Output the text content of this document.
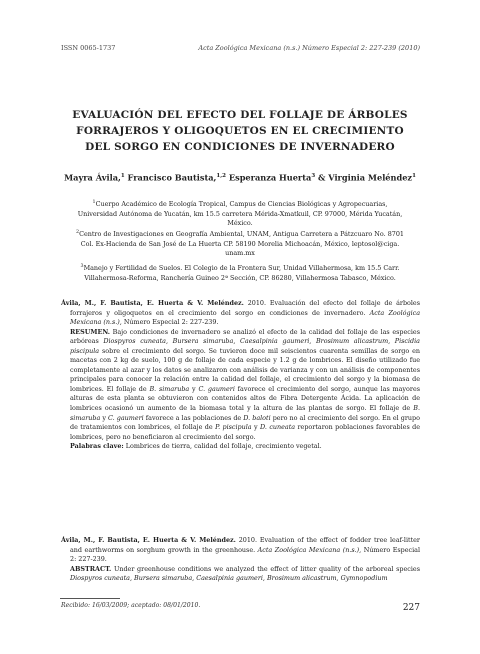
ISSN 0065-1737	Acta Zoológica Mexicana (n.s.) Número Especial 2: 227-239 (2010)
EVALUACIÓN DEL EFECTO DEL FOLLAJE DE ÁRBOLES
FORRAJEROS Y OLIGOQUETOS EN EL CRECIMIENTO
DEL SORGO EN CONDICIONES DE INVERNADERO
Mayra Ávila,$^1$ Francisco Bautista,$^{1,2}$ Esperanza Huerta$^3$ & Virginia Meléndez$^1$
$^1$Cuerpo Académico de Ecología Tropical, Campus de Ciencias Biológicas y Agropecuarias,
Universidad Autónoma de Yucatán, km 15.5 carretera Mérida-Xmatkuil, CP. 97000, Mérida Yucatán,
México.
$^2$Centro de Investigaciones en Geografía Ambiental, UNAM, Antigua Carretera a Pátzcuaro No. 8701
Col. Ex-Hacienda de San José de La Huerta CP. 58190 Morelia Michoacán, México, leptosol@ciga.
unam.mx
$^3$Manejo y Fertilidad de Suelos. El Colegio de la Frontera Sur, Unidad Villahermosa, km 15.5 Carr.
Villahermosa-Reforma, Ranchería Guineo 2ª Sección, CP. 86280, Villahermosa Tabasco, México.

Ávila, M., F. Bautista, E. Huerta & V. Meléndez. 2010. Evaluación del efecto del follaje de árboles forrajeros y oligoquetos en el crecimiento del sorgo en condiciones de invernadero. Acta Zoológica Mexicana (n.s.), Número Especial 2: 227-239.

RESUMEN. Bajo condiciones de invernadero se analizó el efecto de la calidad del follaje de las especies arbóreas Diospyros cuneata, Bursera simaruba, Caesalpinia gaumeri, Brosimum alicastrum, Piscidia piscipula sobre el crecimiento del sorgo. Se tuvieron doce mil seiscientos cuarenta semillas de sorgo en macetas con 2 kg de suelo, 100 g de follaje de cada especie y 1.2 g de lombrices. El diseño utilizado fue completamente al azar y los datos se analizaron con análisis de varianza y con un análisis de componentes principales para conocer la relación entre la calidad del follaje, el crecimiento del sorgo y la biomasa de lombrices. El follaje de B. simaruba y C. gaumeri favorece el crecimiento del sorgo, aunque las mayores alturas de esta planta se obtuvieron con contenidos altos de Fibra Detergente Ácida. La aplicación de lombrices ocasionó un aumento de la biomasa total y la altura de las plantas de sorgo. El follaje de B. simaruba y C. gaumeri favorece a las poblaciones de D. baloti pero no al crecimiento del sorgo. En el grupo de tratamientos con lombrices, el follaje de P. piscipula y D. cuneata reportaron poblaciones favorables de lombrices, pero no beneficiaron al crecimiento del sorgo.

Palabras clave: Lombrices de tierra, calidad del follaje, crecimiento vegetal.

Ávila, M., F. Bautista, E. Huerta & V. Meléndez. 2010. Evaluation of the effect of fodder tree leaf-litter and earthworms on sorghum growth in the greenhouse. Acta Zoológica Mexicana (n.s.), Número Especial 2: 227-239.

ABSTRACT. Under greenhouse conditions we analyzed the effect of litter quality of the arboreal species Diospyros cuneata, Bursera simaruba, Caesalpinia gaumeri, Brosimum alicastrum, Gymnopodium

Recibido: 16/03/2009; aceptado: 08/01/2010.	227
